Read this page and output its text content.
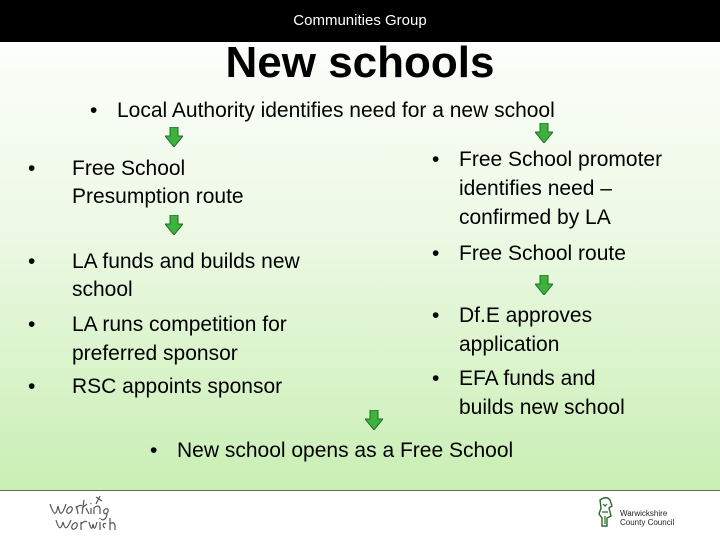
Communities Group
New schools
• Local Authority identifies need for a new school
• Free School
Presumption route
• LA funds and builds new
school
• LA runs competition for
preferred sponsor
• RSC appoints sponsor
• Free School promoter
identifies need –
confirmed by LA
• Free School route
• Df.E approves
application
• EFA funds and
builds new school
• New school opens as a Free School
Warwickshire
County Council
